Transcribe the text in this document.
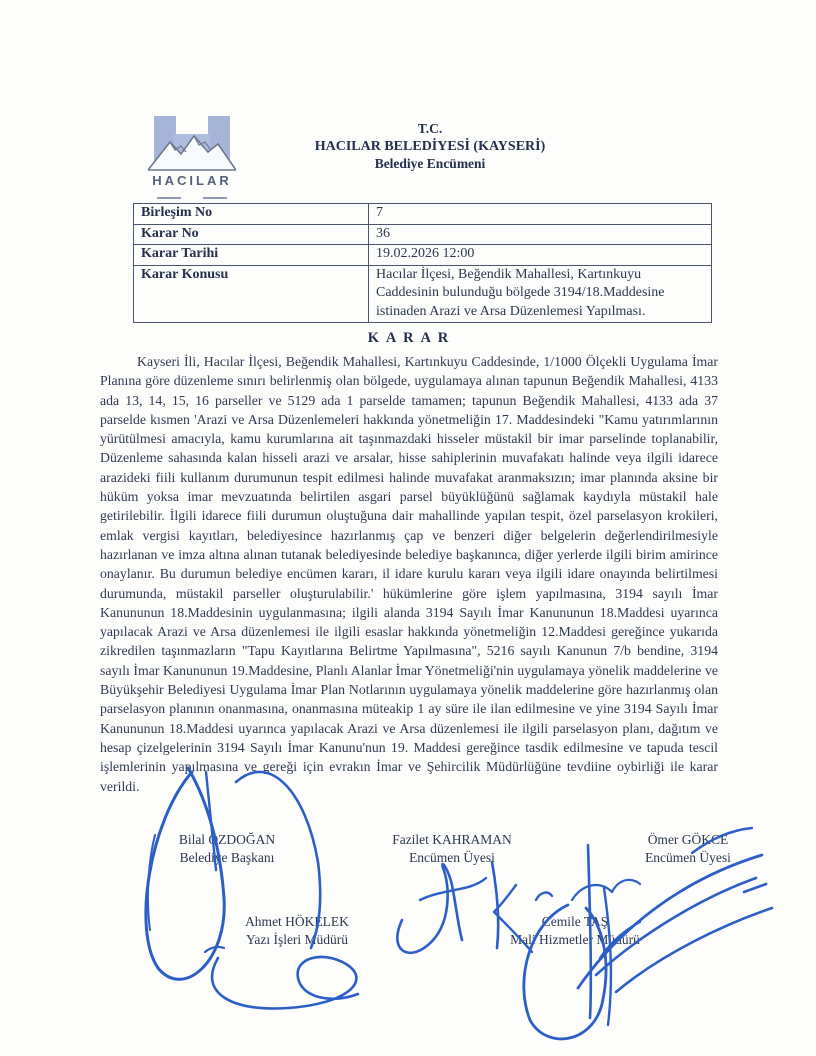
HACILAR
T.C.
HACILAR BELEDİYESİ (KAYSERİ)
Belediye Encümeni
Birleşim No	7
Karar No	36
Karar Tarihi	19.02.2026 12:00
Karar Konusu	Hacılar İlçesi, Beğendik Mahallesi, Kartınkuyu Caddesinin bulunduğu bölgede 3194/18.Maddesine istinaden Arazi ve Arsa Düzenlemesi Yapılması.
K A R A R

Kayseri İli, Hacılar İlçesi, Beğendik Mahallesi, Kartınkuyu Caddesinde, 1/1000 Ölçekli Uygulama İmar Planına göre düzenleme sınırı belirlenmiş olan bölgede, uygulamaya alınan tapunun Beğendik Mahallesi, 4133 ada 13, 14, 15, 16 parseller ve 5129 ada 1 parselde tamamen; tapunun Beğendik Mahallesi, 4133 ada 37 parselde kısmen 'Arazi ve Arsa Düzenlemeleri hakkında yönetmeliğin 17. Maddesindeki "Kamu yatırımlarının yürütülmesi amacıyla, kamu kurumlarına ait taşınmazdaki hisseler müstakil bir imar parselinde toplanabilir, Düzenleme sahasında kalan hisseli arazi ve arsalar, hisse sahiplerinin muvafakatı halinde veya ilgili idarece arazideki fiili kullanım durumunun tespit edilmesi halinde muvafakat aranmaksızın; imar planında aksine bir hüküm yoksa imar mevzuatında belirtilen asgari parsel büyüklüğünü sağlamak kaydıyla müstakil hale getirilebilir. İlgili idarece fiili durumun oluştuğuna dair mahallinde yapılan tespit, özel parselasyon krokileri, emlak vergisi kayıtları, belediyesince hazırlanmış çap ve benzeri diğer belgelerin değerlendirilmesiyle hazırlanan ve imza altına alınan tutanak belediyesinde belediye başkanınca, diğer yerlerde ilgili birim amirince onaylanır. Bu durumun belediye encümen kararı, il idare kurulu kararı veya ilgili idare onayında belirtilmesi durumunda, müstakil parseller oluşturulabilir.' hükümlerine göre işlem yapılmasına, 3194 sayılı İmar Kanununun 18.Maddesinin uygulanmasına; ilgili alanda 3194 Sayılı İmar Kanununun 18.Maddesi uyarınca yapılacak Arazi ve Arsa düzenlemesi ile ilgili esaslar hakkında yönetmeliğin 12.Maddesi gereğince yukarıda zikredilen taşınmazların "Tapu Kayıtlarına Belirtme Yapılmasına", 5216 sayılı Kanunun 7/b bendine, 3194 sayılı İmar Kanununun 19.Maddesine, Planlı Alanlar İmar Yönetmeliği'nin uygulamaya yönelik maddelerine ve Büyükşehir Belediyesi Uygulama İmar Plan Notlarının uygulamaya yönelik maddelerine göre hazırlanmış olan parselasyon planının onanmasına, onanmasına müteakip 1 ay süre ile ilan edilmesine ve yine 3194 Sayılı İmar Kanununun 18.Maddesi uyarınca yapılacak Arazi ve Arsa düzenlemesi ile ilgili parselasyon planı, dağıtım ve hesap çizelgelerinin 3194 Sayılı İmar Kanunu'nun 19. Maddesi gereğince tasdik edilmesine ve tapuda tescil işlemlerinin yapılmasına ve gereği için evrakın İmar ve Şehircilik Müdürlüğüne tevdiine oybirliği ile karar verildi.

Bilal ÖZDOĞAN
Belediye Başkanı
Fazilet KAHRAMAN
Encümen Üyesi
Ömer GÖKCE
Encümen Üyesi
Ahmet HÖKELEK
Yazı İşleri Müdürü
Cemile TAŞ
Mali Hizmetler Müdürü
